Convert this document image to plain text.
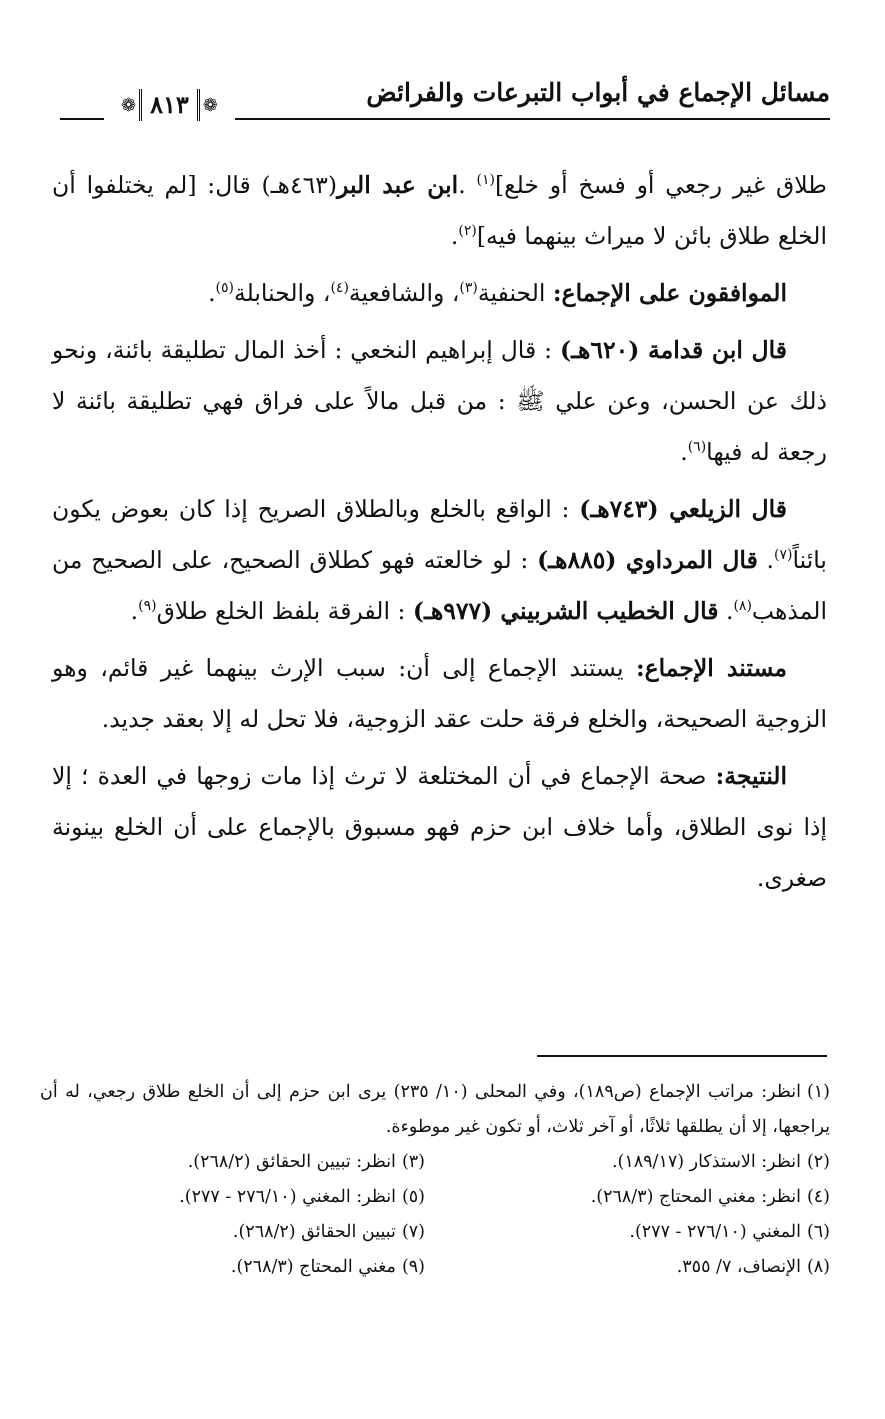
مسائل الإجماع في أبواب التبرعات والفرائض
❁
٨١٣
❁

طلاق غير رجعي أو فسخ أو خلع]$^{(١)}$ .ابن عبد البر(٤٦٣هـ) قال: [لم يختلفوا أن الخلع طلاق بائن لا ميراث بينهما فيه]$^{(٢)}$.

الموافقون على الإجماع: الحنفية$^{(٣)}$، والشافعية$^{(٤)}$، والحنابلة$^{(٥)}$.

قال ابن قدامة (٦٢٠هـ) : قال إبراهيم النخعي : أخذ المال تطليقة بائنة، ونحو ذلك عن الحسن، وعن علي ﷺ : من قبل مالاً على فراق فهي تطليقة بائنة لا رجعة له فيها$^{(٦)}$.

قال الزيلعي (٧٤٣هـ) : الواقع بالخلع وبالطلاق الصريح إذا كان بعوض يكون بائناً$^{(٧)}$. قال المرداوي (٨٨٥هـ) : لو خالعته فهو كطلاق الصحيح، على الصحيح من المذهب$^{(٨)}$. قال الخطيب الشربيني (٩٧٧هـ) : الفرقة بلفظ الخلع طلاق$^{(٩)}$.

مستند الإجماع: يستند الإجماع إلى أن: سبب الإرث بينهما غير قائم، وهو الزوجية الصحيحة، والخلع فرقة حلت عقد الزوجية، فلا تحل له إلا بعقد جديد.

النتيجة: صحة الإجماع في أن المختلعة لا ترث إذا مات زوجها في العدة ؛ إلا إذا نوى الطلاق، وأما خلاف ابن حزم فهو مسبوق بالإجماع على أن الخلع بينونة صغرى.

(١)انظر: مراتب الإجماع (ص١٨٩)، وفي المحلى (١٠/ ٢٣٥) يرى ابن حزم إلى أن الخلع طلاق رجعي، له أن يراجعها، إلا أن يطلقها ثلاثًا، أو آخر ثلاث، أو تكون غير موطوءة.
(٢)انظر: الاستذكار (١٨٩/١٧).
(٣)انظر: تبيين الحقائق (٢٦٨/٢).
(٤)انظر: مغني المحتاج (٢٦٨/٣).
(٥)انظر: المغني (٢٧٦/١٠ - ٢٧٧).
(٦)المغني (٢٧٦/١٠ - ٢٧٧).
(٧)تبيين الحقائق (٢٦٨/٢).
(٨)الإنصاف، ٧/ ٣٥٥.
(٩)مغني المحتاج (٢٦٨/٣).
